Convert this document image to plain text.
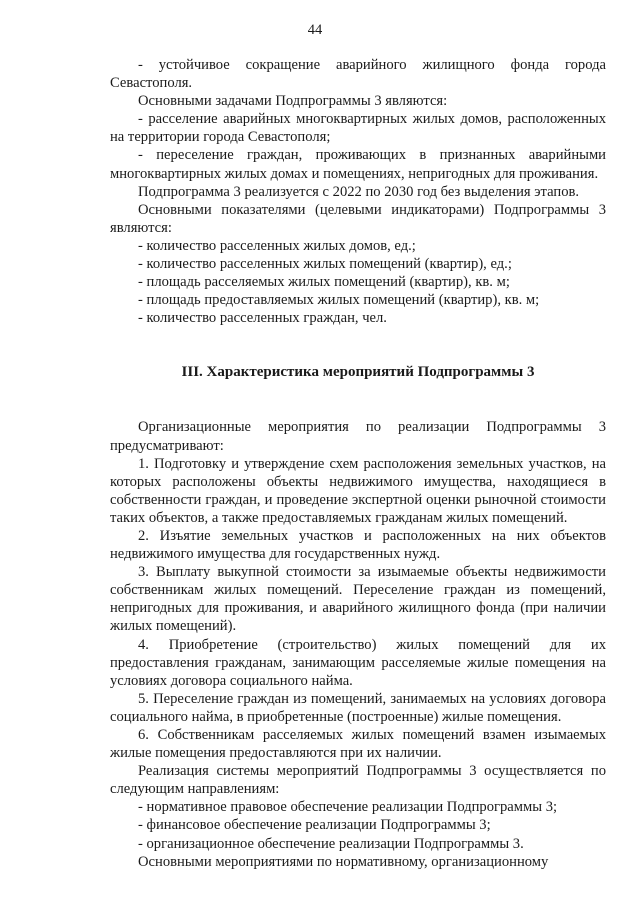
44

- устойчивое сокращение аварийного жилищного фонда города Севастополя.

Основными задачами Подпрограммы 3 являются:

- расселение аварийных многоквартирных жилых домов, расположенных на территории города Севастополя;

- переселение граждан, проживающих в признанных аварийными многоквартирных жилых домах и помещениях, непригодных для проживания.

Подпрограмма 3 реализуется с 2022 по 2030 год без выделения этапов.

Основными показателями (целевыми индикаторами) Подпрограммы 3 являются:

- количество расселенных жилых домов, ед.;

- количество расселенных жилых помещений (квартир), ед.;

- площадь расселяемых жилых помещений (квартир), кв. м;

- площадь предоставляемых жилых помещений (квартир), кв. м;

- количество расселенных граждан, чел.

III. Характеристика мероприятий Подпрограммы 3

Организационные мероприятия по реализации Подпрограммы 3 предусматривают:

1. Подготовку и утверждение схем расположения земельных участков, на которых расположены объекты недвижимого имущества, находящиеся в собственности граждан, и проведение экспертной оценки рыночной стоимости таких объектов, а также предоставляемых гражданам жилых помещений.

2. Изъятие земельных участков и расположенных на них объектов недвижимого имущества для государственных нужд.

3. Выплату выкупной стоимости за изымаемые объекты недвижимости собственникам жилых помещений. Переселение граждан из помещений, непригодных для проживания, и аварийного жилищного фонда (при наличии жилых помещений).

4. Приобретение (строительство) жилых помещений для их предоставления гражданам, занимающим расселяемые жилые помещения на условиях договора социального найма.

5. Переселение граждан из помещений, занимаемых на условиях договора социального найма, в приобретенные (построенные) жилые помещения.

6. Собственникам расселяемых жилых помещений взамен изымаемых жилые помещения предоставляются при их наличии.

Реализация системы мероприятий Подпрограммы 3 осуществляется по следующим направлениям:

- нормативное правовое обеспечение реализации Подпрограммы 3;

- финансовое обеспечение реализации Подпрограммы 3;

- организационное обеспечение реализации Подпрограммы 3.

Основными мероприятиями по нормативному, организационному
